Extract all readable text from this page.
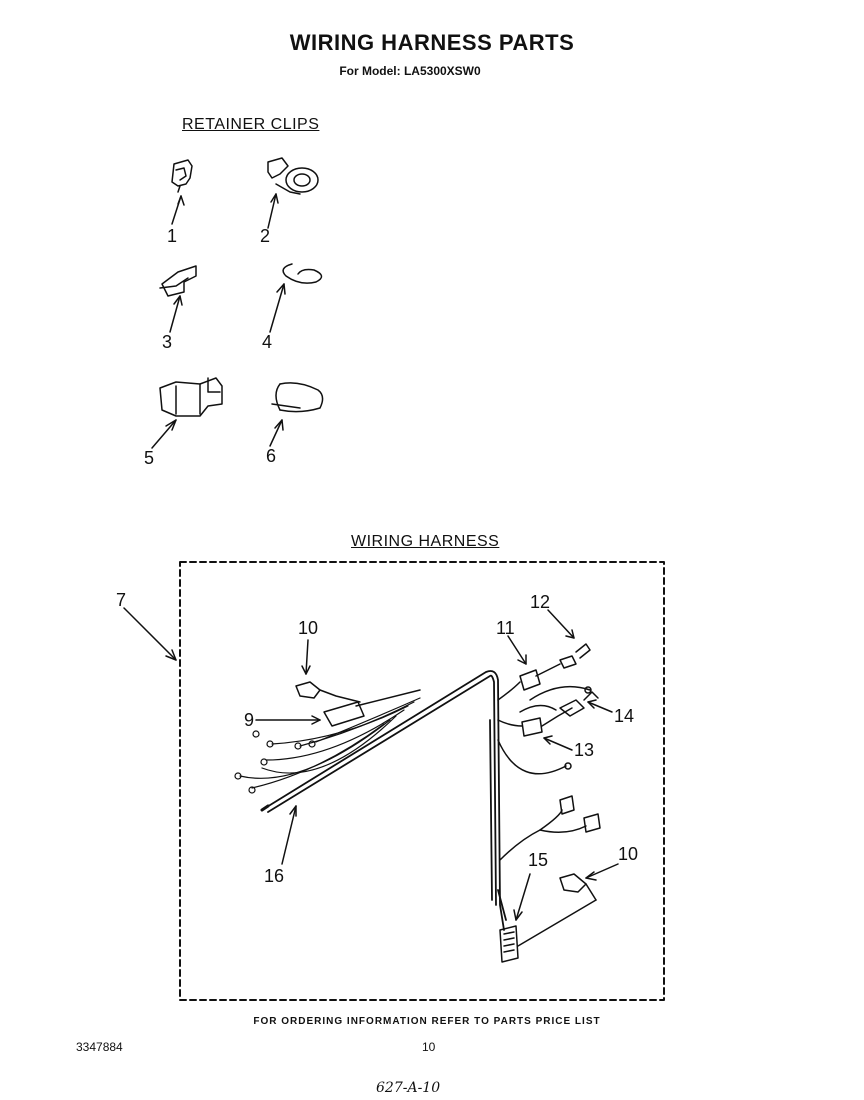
WIRING HARNESS PARTS
For Model: LA5300XSW0
RETAINER CLIPS
WIRING HARNESS
1	2
3	4
5	6
7
10
9
11
12
14
13
16
15	10
FOR ORDERING INFORMATION REFER TO PARTS PRICE LIST
3347884	10
627-A-10
